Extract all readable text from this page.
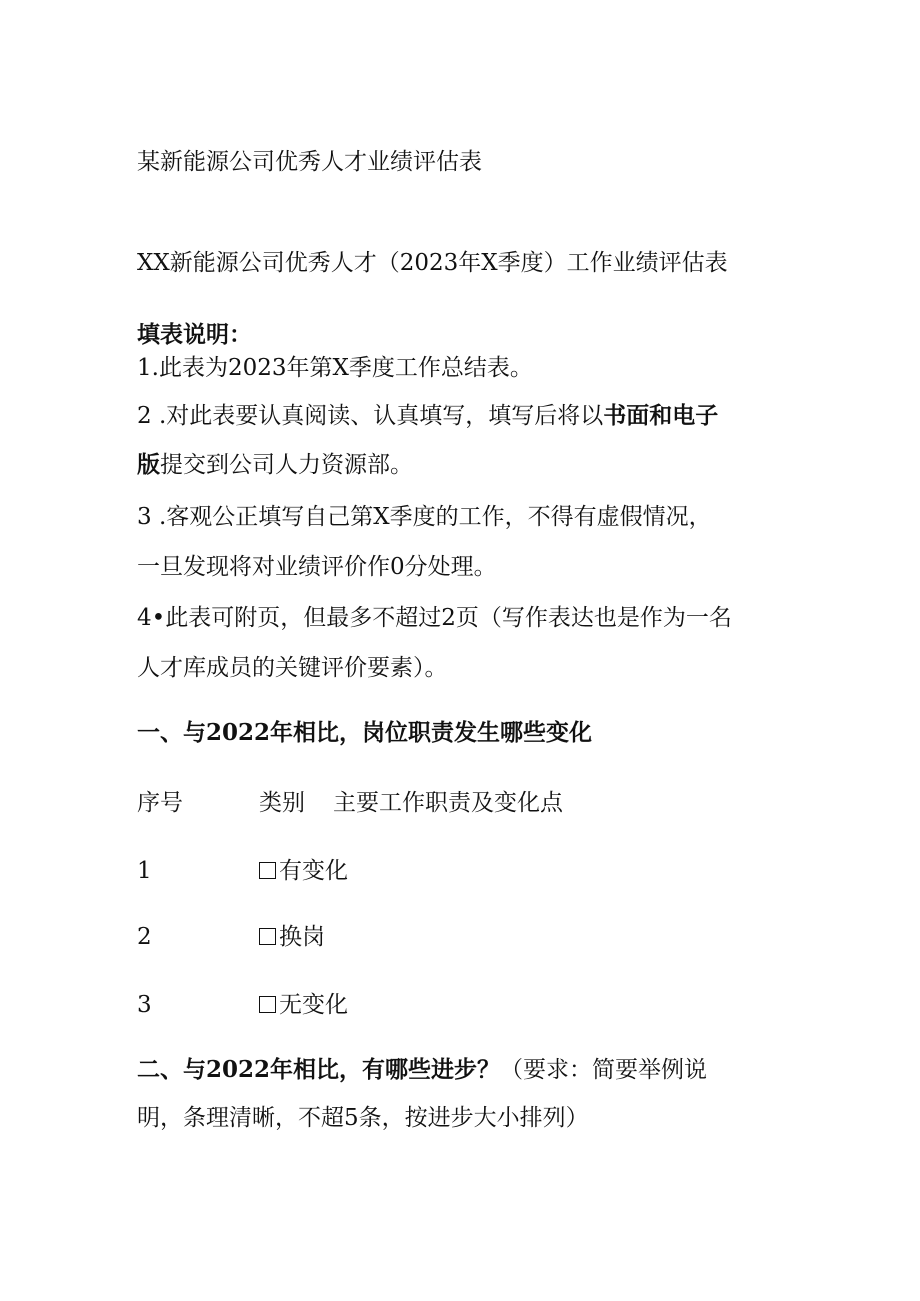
某新能源公司优秀人才业绩评估表
XX新能源公司优秀人才（2023年X季度）工作业绩评估表
填表说明：
1.此表为2023年第X季度工作总结表。
2 .对此表要认真阅读、认真填写，填写后将以书面和电子
版提交到公司人力资源部。
3 .客观公正填写自己第X季度的工作，不得有虚假情况，
一旦发现将对业绩评价作0分处理。
4•此表可附页，但最多不超过2页（写作表达也是作为一名
人才库成员的关键评价要素）。
一、与2022年相比，岗位职责发生哪些变化
序号	类别 主要工作职责及变化点
1	有变化
2	换岗
3	无变化
二、与2022年相比，有哪些进步？（要求：简要举例说
明，条理清晰，不超5条，按进步大小排列）
